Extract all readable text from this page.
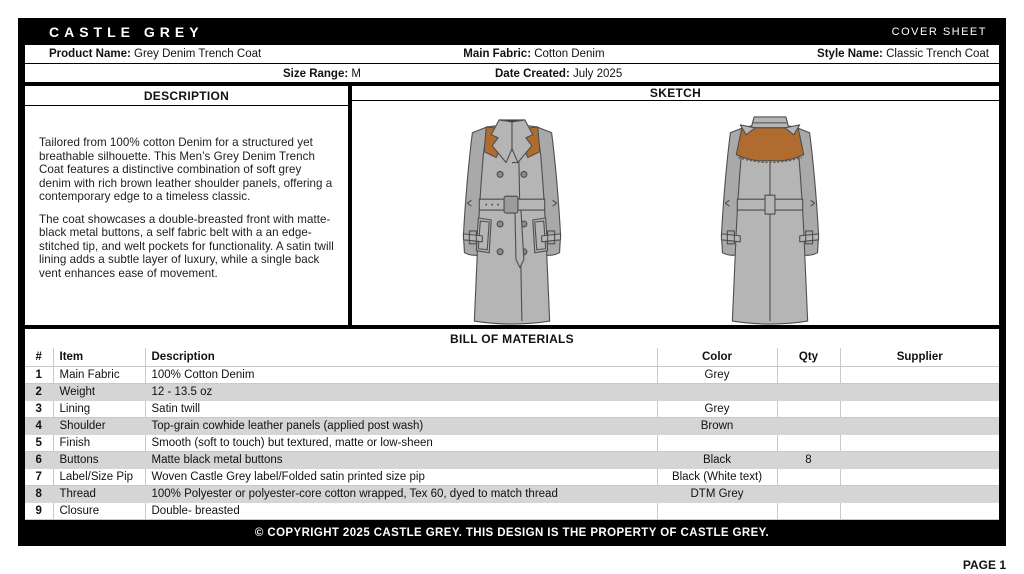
CASTLE GREY	COVER SHEET
Product Name: Grey Denim Trench Coat	Main Fabric: Cotton Denim	Style Name: Classic Trench Coat
Size Range: M	Date Created: July 2025
DESCRIPTION

Tailored from 100% cotton Denim for a structured yet breathable silhouette. This Men’s Grey Denim Trench Coat features a distinctive combination of soft grey denim with rich brown leather shoulder panels, offering a contemporary edge to a timeless classic.

The coat showcases a double-breasted front with matte-black metal buttons, a self fabric belt with a an edge-stitched tip, and welt pockets for functionality. A satin twill lining adds a subtle layer of luxury, while a single back vent enhances ease of movement.

SKETCH
BILL OF MATERIALS
#	Item	Description	Color	Qty	Supplier
1	Main Fabric	100% Cotton Denim	Grey		
2	Weight	12 - 13.5 oz			
3	Lining	Satin twill	Grey		
4	Shoulder	Top-grain cowhide leather panels (applied post wash)	Brown		
5	Finish	Smooth (soft to touch) but textured, matte or low-sheen			
6	Buttons	Matte black metal buttons	Black	8	
7	Label/Size Pip	Woven Castle Grey label/Folded satin printed size pip	Black (White text)		
8	Thread	100% Polyester or polyester-core cotton wrapped, Tex 60, dyed to match thread	DTM Grey		
9	Closure	Double- breasted			
© COPYRIGHT 2025 CASTLE GREY. THIS DESIGN IS THE PROPERTY OF CASTLE GREY.
PAGE 1
